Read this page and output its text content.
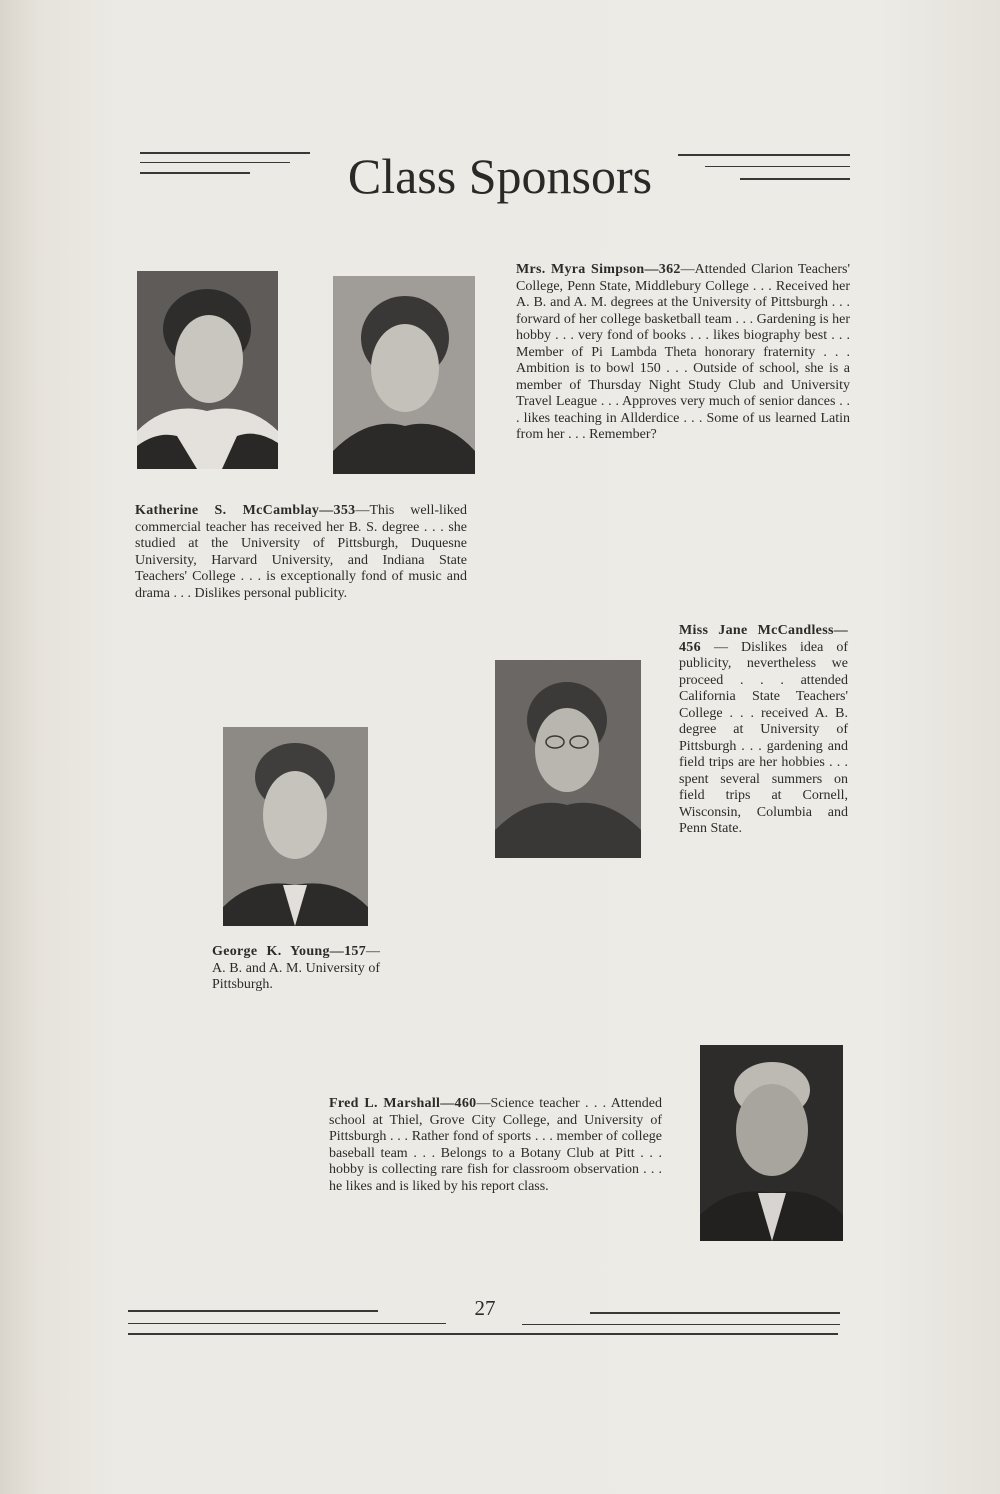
Class Sponsors
Katherine S. McCamblay—353—This well-liked commercial teacher has received her B. S. degree . . . she studied at the University of Pittsburgh, Duquesne University, Harvard University, and Indiana State Teachers' College . . . is exceptionally fond of music and drama . . . Dislikes personal publicity.
Mrs. Myra Simpson—362—Attended Clarion Teachers' College, Penn State, Middlebury College . . . Received her A. B. and A. M. degrees at the University of Pittsburgh . . . forward of her college basketball team . . . Gardening is her hobby . . . very fond of books . . . likes biography best . . . Member of Pi Lambda Theta honorary fraternity . . . Ambition is to bowl 150 . . . Outside of school, she is a member of Thursday Night Study Club and University Travel League . . . Approves very much of senior dances . . . likes teaching in Allderdice . . . Some of us learned Latin from her . . . Remember?
Miss Jane McCandless—456 — Dislikes idea of publicity, nevertheless we proceed . . . attended California State Teachers' College . . . received A. B. degree at University of Pittsburgh . . . gardening and field trips are her hobbies . . . spent several summers on field trips at Cornell, Wisconsin, Columbia and Penn State.
George K. Young—157—A. B. and A. M. University of Pittsburgh.
Fred L. Marshall—460—Science teacher . . . Attended school at Thiel, Grove City College, and University of Pittsburgh . . . Rather fond of sports . . . member of college baseball team . . . Belongs to a Botany Club at Pitt . . . hobby is collecting rare fish for classroom observation . . . he likes and is liked by his report class.
27
